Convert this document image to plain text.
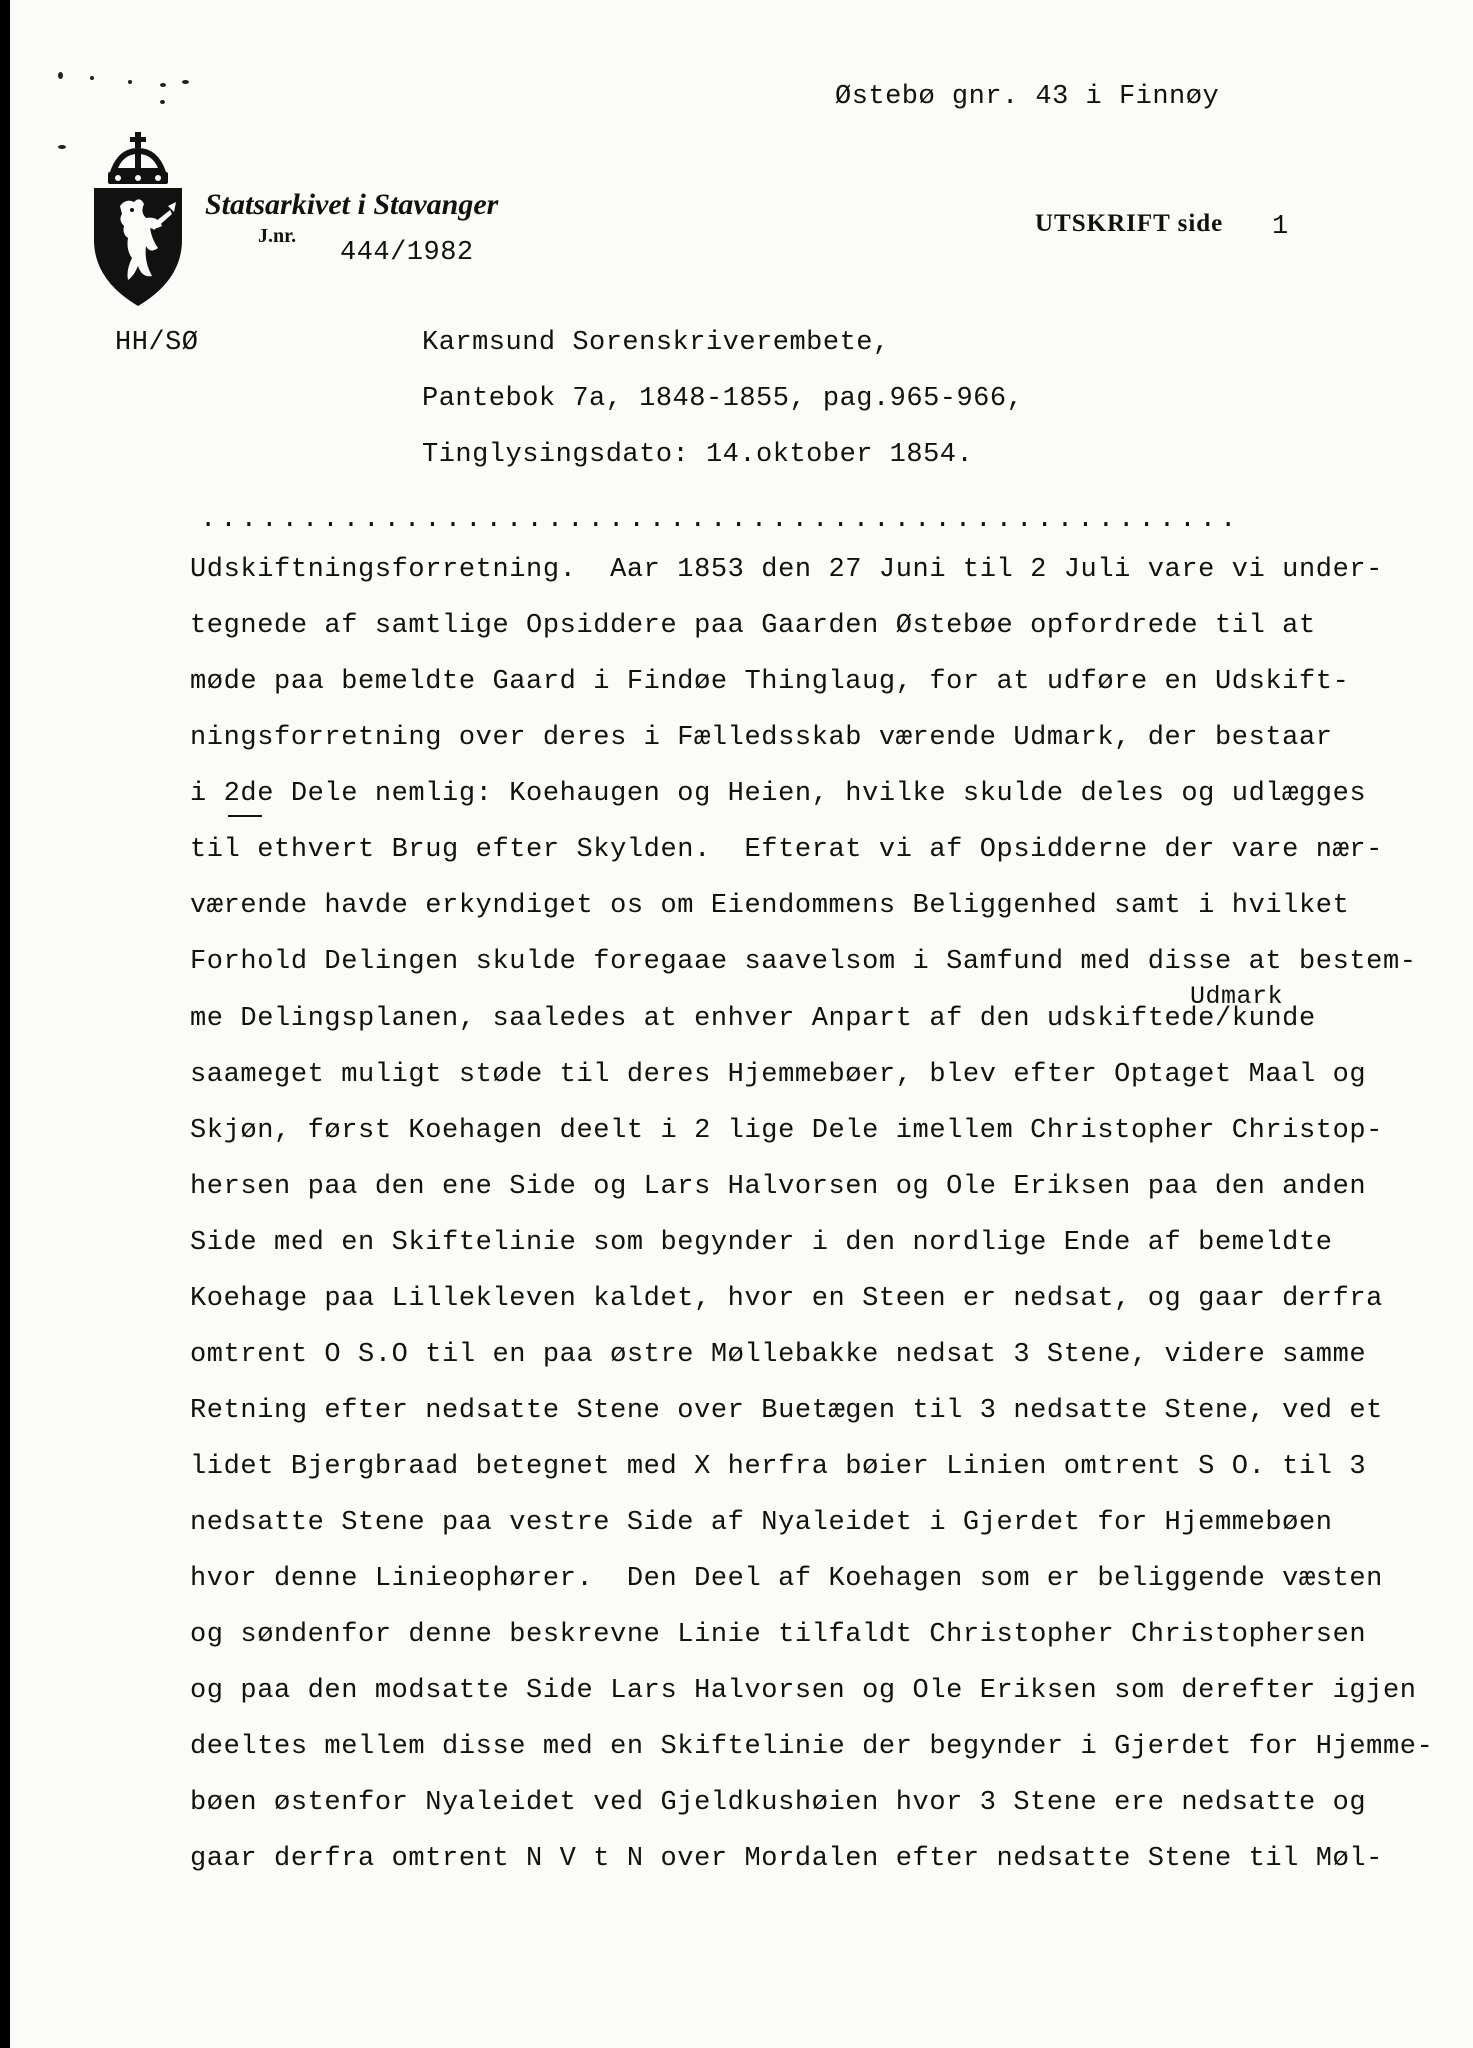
Østebø gnr. 43 i Finnøy
Statsarkivet i Stavanger
J.nr.
444/1982
UTSKRIFT side 1
HH/SØ	Karmsund Sorenskriverembete,
Pantebok 7a, 1848-1855, pag.965-966,
Tinglysingsdato: 14.oktober 1854.
...................................................
Udskiftningsforretning.  Aar 1853 den 27 Juni til 2 Juli vare vi under-
tegnede af samtlige Opsiddere paa Gaarden Østebøe opfordrede til at
møde paa bemeldte Gaard i Findøe Thinglaug, for at udføre en Udskift-
ningsforretning over deres i Fælledsskab værende Udmark, der bestaar
i 2de Dele nemlig: Koehaugen og Heien, hvilke skulde deles og udlægges
til ethvert Brug efter Skylden.  Efterat vi af Opsidderne der vare nær-
værende havde erkyndiget os om Eiendommens Beliggenhed samt i hvilket
Forhold Delingen skulde foregaae saavelsom i Samfund med disse at bestem-
Udmark
me Delingsplanen, saaledes at enhver Anpart af den udskiftede/kunde
saameget muligt støde til deres Hjemmebøer, blev efter Optaget Maal og
Skjøn, først Koehagen deelt i 2 lige Dele imellem Christopher Christop-
hersen paa den ene Side og Lars Halvorsen og Ole Eriksen paa den anden
Side med en Skiftelinie som begynder i den nordlige Ende af bemeldte
Koehage paa Lillekleven kaldet, hvor en Steen er nedsat, og gaar derfra
omtrent O S.O til en paa østre Møllebakke nedsat 3 Stene, videre samme
Retning efter nedsatte Stene over Buetægen til 3 nedsatte Stene, ved et
lidet Bjergbraad betegnet med X herfra bøier Linien omtrent S O. til 3
nedsatte Stene paa vestre Side af Nyaleidet i Gjerdet for Hjemmebøen
hvor denne Linieophører.  Den Deel af Koehagen som er beliggende væsten
og søndenfor denne beskrevne Linie tilfaldt Christopher Christophersen
og paa den modsatte Side Lars Halvorsen og Ole Eriksen som derefter igjen
deeltes mellem disse med en Skiftelinie der begynder i Gjerdet for Hjemme-
bøen østenfor Nyaleidet ved Gjeldkushøien hvor 3 Stene ere nedsatte og
gaar derfra omtrent N V t N over Mordalen efter nedsatte Stene til Møl-
